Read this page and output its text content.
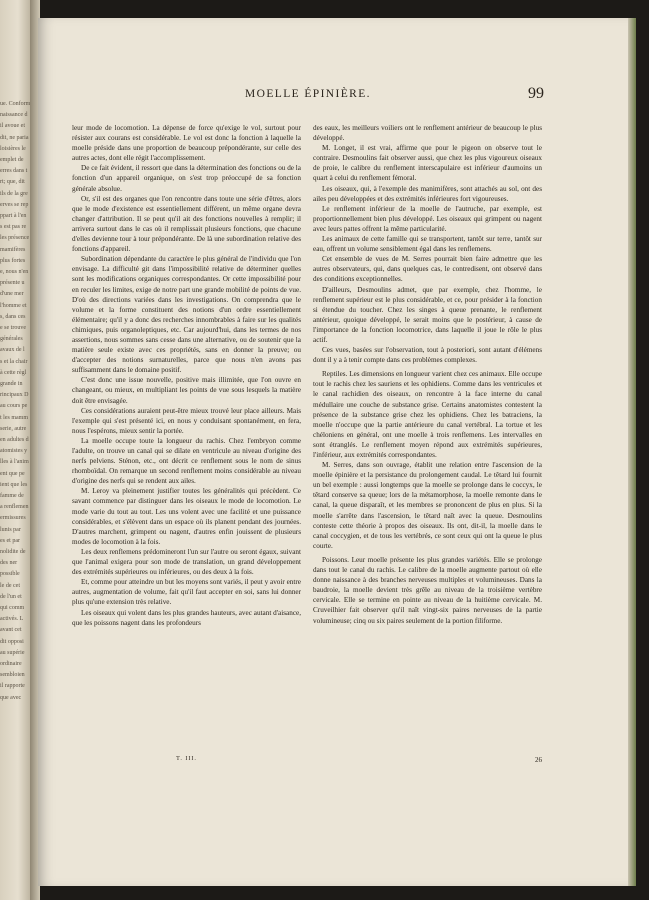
ue. Conform
naissance d
il avoue et
dit, ne paria
loisières le
emplet de
erres dans t
rt; que, dit
ils de la gre
erves se rep
ppart à l'en
s est pas re
les présence
mamifères
plus fortes
e, nous n'en
présente u
d'une mer
l'homme et
s, dans ces
e se trouve
générales
avaux de l
s et la chair
à cette règl
grande in
rincipaux D
au cours pe
t les mamm
serie, autre
en adultes d
atomistes y
lles à l'anim
ent que pe
ient que les
famme de
a renflemen
ermissures
lunis par
es et par
nolidite de
des ner
possible
le de cet
de l'un et
qui comm
activés. L
avant cet
dit opposi
au supérie
ordinaire
sembloien
il rapporte
que avec
MOELLE ÉPINIÈRE.	99

leur mode de locomotion. La dépense de force qu'exige le vol, surtout pour résister aux courans est considérable. Le vol est donc la fonction à laquelle la moelle préside dans une proportion de beaucoup prépondérante, sur celle des autres actes, dont elle régit l'accomplissement.

De ce fait évident, il ressort que dans la détermination des fonctions ou de la fonction d'un appareil organique, on s'est trop préoccupé de sa fonction générale absolue.

Or, s'il est des organes que l'on rencontre dans toute une série d'êtres, alors que le mode d'existence est essentiellement différent, un même organe devra changer d'attribution. Il se peut qu'il ait des fonctions nouvelles à remplir; il arrivera surtout dans le cas où il remplissait plusieurs fonctions, que chacune d'elles devienne tour à tour prépondérante. De là une subordination relative des fonctions d'appareil.

Subordination dépendante du caractère le plus général de l'individu que l'on envisage. La difficulté git dans l'impossibilité relative de déterminer quelles sont les modifications organiques correspondantes. Or cette impossibilité pour en reculer les limites, exige de notre part une grande mobilité de points de vue. D'où des directions variées dans les investigations. On comprendra que le volume et la forme constituent des notions d'un ordre essentiellement élémentaire; qu'il y a donc des recherches innombrables à faire sur les qualités chimiques, puis organoleptiques, etc. Car aujourd'hui, dans les termes de nos assertions, nous sommes sans cesse dans une alternative, ou de soutenir que la matière seule existe avec ces propriétés, sans en donner la preuve; ou d'accepter des notions surnaturelles, parce que nous n'en avons pas suffisamment dans le domaine positif.

C'est donc une issue nouvelle, positive mais illimitée, que l'on ouvre en changeant, ou mieux, en multipliant les points de vue sous lesquels la matière doit être envisagée.

Ces considérations auraient peut-être mieux trouvé leur place ailleurs. Mais l'exemple qui s'est présenté ici, en nous y conduisant spontanément, en fera, nous l'espérons, mieux sentir la portée.

La moelle occupe toute la longueur du rachis. Chez l'embryon comme l'adulte, on trouve un canal qui se dilate en ventricule au niveau d'origine des nerfs pelviens. Sténon, etc., ont décrit ce renflement sous le nom de sinus rhomboïdal. On remarque un second renflement moins considérable au niveau d'origine des nerfs qui se rendent aux ailes.

M. Leroy va pleinement justifier toutes les généralités qui précèdent. Ce savant commence par distinguer dans les oiseaux le mode de locomotion. Le mode varie du tout au tout. Les uns volent avec une facilité et une puissance considérables, et s'élèvent dans un espace où ils planent pendant des journées. D'autres marchent, grimpent ou nagent, d'autres enfin jouissent de plusieurs modes de locomotion à la fois.

Les deux renflemens prédomineront l'un sur l'autre ou seront égaux, suivant que l'animal exigera pour son mode de translation, un grand développement des extrémités supérieures ou inférieures, ou des deux à la fois.

Et, comme pour atteindre un but les moyens sont variés, il peut y avoir entre autres, augmentation de volume, fait qu'il faut accepter en soi, sans lui donner plus qu'une extension très relative.

Les oiseaux qui volent dans les plus grandes hauteurs, avec autant d'aisance, que les poissons nagent dans les profondeurs

des eaux, les meilleurs voiliers ont le renflement antérieur de beaucoup le plus développé.

M. Longet, il est vrai, affirme que pour le pigeon on observe tout le contraire. Desmoulins fait observer aussi, que chez les plus vigoureux oiseaux de proie, le calibre du renflement interscapulaire est inférieur d'aumoins un quart à celui du renflement fémoral.

Les oiseaux, qui, à l'exemple des manimifères, sont attachés au sol, ont des ailes peu développées et des extrémités inférieures fort vigoureuses.

Le renflement inférieur de la moelle de l'autruche, par exemple, est proportionnellement bien plus développé. Les oiseaux qui grimpent ou nagent avec leurs pattes offrent la même particularité.

Les animaux de cette famille qui se transportent, tantôt sur terre, tantôt sur eau, offrent un volume sensiblement égal dans les renflemens.

Cet ensemble de vues de M. Serres pourrait bien faire admettre que les autres observateurs, qui, dans quelques cas, le contredisent, ont observé dans des conditions exceptionnelles.

D'ailleurs, Desmoulins admet, que par exemple, chez l'homme, le renflement supérieur est le plus considérable, et ce, pour présider à la fonction si étendue du toucher. Chez les singes à queue prenante, le renflement antérieur, quoique développé, le serait moins que le postérieur, à cause de l'importance de la fonction locomotrice, dans laquelle il joue le rôle le plus actif.

Ces vues, basées sur l'observation, tout à posteriori, sont autant d'élémens dont il y a à tenir compte dans ces problèmes complexes.

Reptiles. Les dimensions en longueur varient chez ces animaux. Elle occupe tout le rachis chez les sauriens et les ophidiens. Comme dans les ventricules et le canal rachidien des oiseaux, on rencontre à la face interne du canal médullaire une couche de substance grise. Certains anatomistes contestent la présence de la substance grise chez les ophidiens. Chez les batraciens, la moelle n'occupe que la partie antérieure du canal vertébral. La tortue et les chéloniens en général, ont une moelle à trois renflemens. Les intervalles en sont étranglés. Le renflement moyen répond aux extrémités supérieures, l'inférieur, aux extrémités correspondantes.

M. Serres, dans son ouvrage, établit une relation entre l'ascension de la moelle épinière et la persistance du prolongement caudal. Le têtard lui fournit un bel exemple : aussi longtemps que la moelle se prolonge dans le coccyx, le têtard conserve sa queue; lors de la métamorphose, la moelle remonte dans le canal, la queue disparaît, et les membres se prononcent de plus en plus. Si la moelle s'arrête dans l'ascension, le têtard naît avec la queue. Desmoulins conteste cette théorie à propos des oiseaux. Ils ont, dit-il, la moelle dans le canal coccygien, et de tous les vertébrés, ce sont ceux qui ont la queue le plus courte.

Poissons. Leur moelle présente les plus grandes variétés. Elle se prolonge dans tout le canal du rachis. Le calibre de la moelle augmente partout où elle donne naissance à des branches nerveuses multiples et volumineuses. Dans la baudroie, la moelle devient très grêle au niveau de la troisième vertèbre cervicale. Elle se termine en pointe au niveau de la huitième cervicale. M. Cruveilhier fait observer qu'il naît vingt-six paires nerveuses de la partie volumineuse; cinq ou six paires seulement de la portion filiforme.

T. III.	26
